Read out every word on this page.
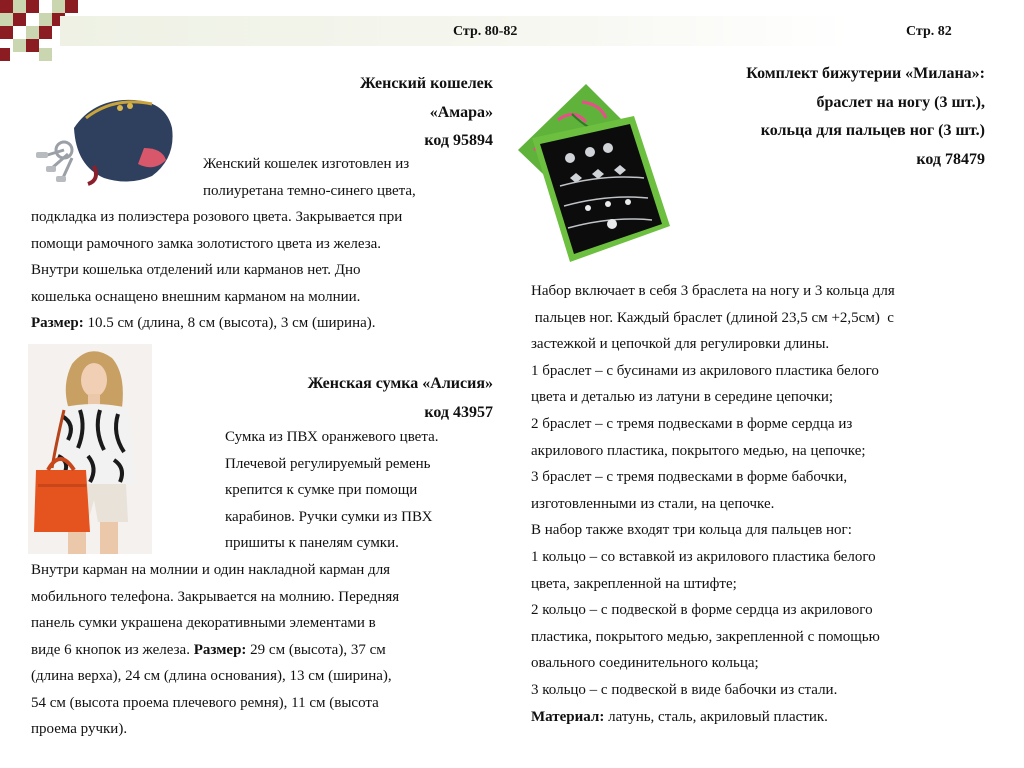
Стр. 80-82	Стр. 82
Женский кошелек
«Амара»
код 95894
Женский кошелек изготовлен из
полиуретана темно-синего цвета,
подкладка из полиэстера розового цвета. Закрывается при
помощи рамочного замка золотистого цвета из железа.
Внутри кошелька отделений или карманов нет. Дно
кошелька оснащено внешним карманом на молнии.
Размер: 10.5 см (длина, 8 см (высота), 3 см (ширина).
Женская сумка «Алисия»
код 43957
Сумка из ПВХ оранжевого цвета.
Плечевой регулируемый ремень
крепится к сумке при помощи
карабинов. Ручки сумки из ПВХ
пришиты к панелям сумки.
Внутри карман на молнии и один накладной карман для
мобильного телефона. Закрывается на молнию. Передняя
панель сумки украшена декоративными элементами в
виде 6 кнопок из железа. Размер: 29 см (высота), 37 см
(длина верха), 24 см (длина основания), 13 см (ширина),
54 см (высота проема плечевого ремня), 11 см (высота
проема ручки).
Комплект бижутерии «Милана»:
браслет на ногу (3 шт.),
кольца для пальцев ног (3 шт.)
код 78479
Набор включает в себя 3 браслета на ногу и 3 кольца для
пальцев ног. Каждый браслет (длиной 23,5 см +2,5см)  с
застежкой и цепочкой для регулировки длины.
1 браслет – с бусинами из акрилового пластика белого
цвета и деталью из латуни в середине цепочки;
2 браслет – с тремя подвесками в форме сердца из
акрилового пластика, покрытого медью, на цепочке;
3 браслет – с тремя подвесками в форме бабочки,
изготовленными из стали, на цепочке.
В набор также входят три кольца для пальцев ног:
1 кольцо – со вставкой из акрилового пластика белого
цвета, закрепленной на штифте;
2 кольцо – с подвеской в форме сердца из акрилового
пластика, покрытого медью, закрепленной с помощью
овального соединительного кольца;
3 кольцо – с подвеской в виде бабочки из стали.
Материал: латунь, сталь, акриловый пластик.
